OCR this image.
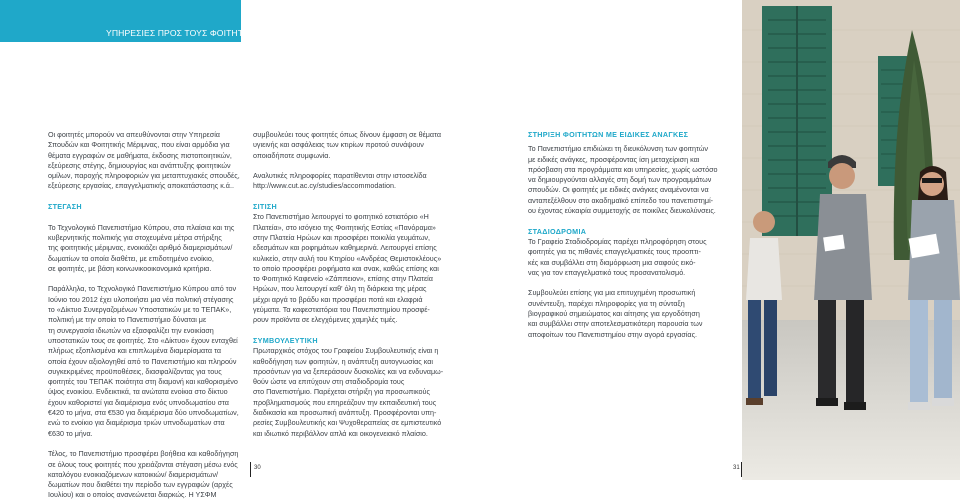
ΥΠΗΡΕΣΙΕΣ ΠΡΟΣ ΤΟΥΣ ΦΟΙΤΗΤΕΣ
Οι φοιτητές μπορούν να απευθύνονται στην Υπηρεσία
Σπουδών και Φοιτητικής Μέριμνας, που είναι αρμόδια για
θέματα εγγραφών σε μαθήματα, έκδοσης πιστοποιητικών,
εξεύρεσης στέγης, δημιουργίας και ανάπτυξης φοιτητικών
ομίλων, παροχής πληροφοριών για μεταπτυχιακές σπουδές,
εξεύρεσης εργασίας, επαγγελματικής αποκατάστασης κ.ά..
ΣΤΕΓΑΣΗ
Το Τεχνολογικό Πανεπιστήμιο Κύπρου, στα πλαίσια και της
κυβερνητικής πολιτικής για στοχευμένα μέτρα στήριξης
της φοιτητικής μέριμνας, ενοικιάζει αριθμό διαμερισμάτων/
δωματίων τα οποία διαθέτει, με επιδοτημένο ενοίκιο,
σε φοιτητές, με βάση κοινωνικοοικονομικά κριτήρια.
Παράλληλα, το Τεχνολογικό Πανεπιστήμιο Κύπρου από τον
Ιούνιο του 2012 έχει υλοποιήσει μια νέα πολιτική στέγασης
το «Δίκτυο Συνεργαζομένων Υποστατικών με το ΤΕΠΑΚ»,
πολιτική με την οποία το Πανεπιστήμιο δύναται με
τη συνεργασία ιδιωτών να εξασφαλίζει την ενοικίαση
υποστατικών τους σε φοιτητές. Στο «Δίκτυο» έχουν ενταχθεί
πλήρως εξοπλισμένα και επιπλωμένα διαμερίσματα τα
οποία έχουν αξιολογηθεί από το Πανεπιστήμιο και πληρούν
συγκεκριμένες προϋποθέσεις, διασφαλίζοντας για τους
φοιτητές του ΤΕΠΑΚ ποιότητα στη διαμονή και καθορισμένο
ύψος ενοικίου. Ενδεικτικά, τα ανώτατα ενοίκια στο δίκτυο
έχουν καθοριστεί για διαμέρισμα ενός υπνοδωματίου στα
€420 το μήνα, στα €530 για διαμέρισμα δύο υπνοδωματίων,
ενώ το ενοίκιο για διαμέρισμα τριών υπνοδωματίων στα
€630 το μήνα.
Τέλος, το Πανεπιστήμιο προσφέρει βοήθεια και καθοδήγηση
σε όλους τους φοιτητές που χρειάζονται στέγαση μέσω ενός
καταλόγου ενοικιαζόμενων κατοικιών/ διαμερισμάτων/
δωματίων που διαθέτει την περίοδο των εγγραφών (αρχές
Ιουλίου) και ο οποίος ανανεώνεται διαρκώς. Η ΥΣΦΜ
συμβουλεύει τους φοιτητές όπως δίνουν έμφαση σε θέματα
υγιεινής και ασφάλειας των κτιρίων προτού συνάψουν
οποιαδήποτε συμφωνία.
Αναλυτικές πληροφορίες παρατίθενται στην ιστοσελίδα
http://www.cut.ac.cy/studies/accommodation.
ΣΙΤΙΣΗ
Στο Πανεπιστήμιο λειτουργεί το φοιτητικό εστιατόριο «Η
Πλατεία», στο ισόγειο της Φοιτητικής Εστίας «Πανόραμα»
στην Πλατεία Ηρώων και προσφέρει ποικιλία γευμάτων,
εδεσμάτων και ροφημάτων καθημερινά. Λειτουργεί επίσης
κυλικείο, στην αυλή του Κτηρίου «Ανδρέας Θεμιστοκλέους»
το οποίο προσφέρει ροφήματα και σνακ, καθώς επίσης και
το Φοιτητικό Καφενείο «Ζάππειον», επίσης στην Πλατεία
Ηρώων, που λειτουργεί καθ' όλη τη διάρκεια της μέρας
μέχρι αργά το βράδυ και προσφέρει ποτά και ελαφριά
γεύματα. Τα καφεστιατόρια του Πανεπιστημίου προσφέ-
ρουν προϊόντα σε ελεγχόμενες χαμηλές τιμές.
ΣΥΜΒΟΥΛΕΥΤΙΚΗ
Πρωταρχικός στόχος του Γραφείου Συμβουλευτικής είναι η
καθοδήγηση των φοιτητών, η ανάπτυξη αυτογνωσίας και
προσόντων για να ξεπεράσουν δυσκολίες και να ενδυναμω-
θούν ώστε να επιτύχουν στη σταδιοδρομία τους
στο Πανεπιστήμιο. Παρέχεται στήριξη για προσωπικούς
προβληματισμούς που επηρεάζουν την εκπαιδευτική τους
διαδικασία και προσωπική ανάπτυξη. Προσφέρονται υπη-
ρεσίες Συμβουλευτικής και Ψυχοθεραπείας σε εμπιστευτικό
και ιδιωτικό περιβάλλον απλά και οικογενειακό πλαίσιο.
ΣΤΗΡΙΞΗ ΦΟΙΤΗΤΩΝ ΜΕ ΕΙΔΙΚΕΣ ΑΝΑΓΚΕΣ
Το Πανεπιστήμιο επιδιώκει τη διευκόλυνση των φοιτητών
με ειδικές ανάγκες, προσφέροντας ίση μεταχείριση και
πρόσβαση στα προγράμματα και υπηρεσίες, χωρίς ωστόσο
να δημιουργούνται αλλαγές στη δομή των προγραμμάτων
σπουδών. Οι φοιτητές με ειδικές ανάγκες αναμένονται να
ανταπεξέλθουν στο ακαδημαϊκό επίπεδο του πανεπιστημί-
ου έχοντας εύκαιρία συμμετοχής σε ποικίλες διευκολύνσεις.
ΣΤΑΔΙΟΔΡΟΜΙΑ
Το Γραφείο Σταδιοδρομίας παρέχει πληροφόρηση στους
φοιτητές για τις πιθανές επαγγελματικές τους προοπτι-
κές και συμβάλλει στη διαμόρφωση μια σαφούς εικό-
νας για τον επαγγελματικό τους προσανατολισμό.
Συμβουλεύει επίσης για μια επιτυχημένη προσωπική
συνέντευξη, παρέχει πληροφορίες για τη σύνταξη
βιογραφικού σημειώματος και αίτησης για εργοδότηση
και συμβάλλει στην αποτελεσματικότερη παρουσία των
αποφοίτων του Πανεπιστημίου στην αγορά εργασίας.
30	31
